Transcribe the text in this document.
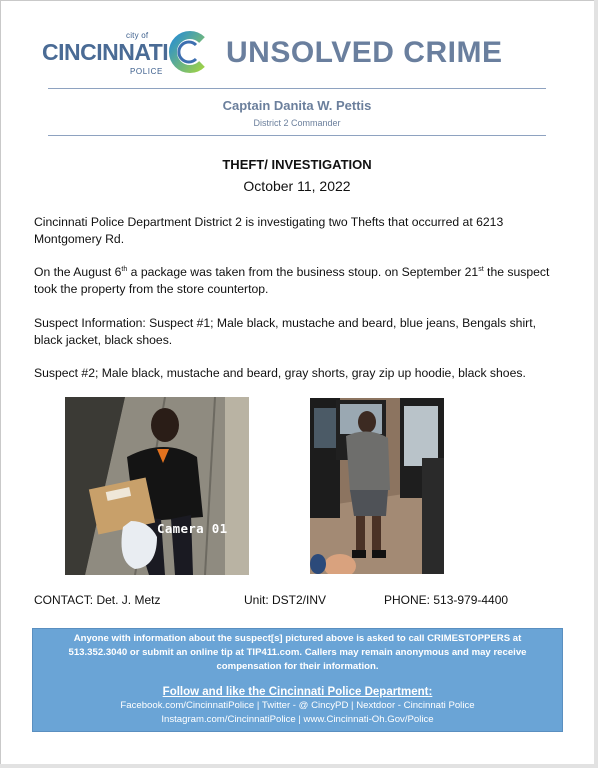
city of
CINCINNATI
POLICE
UNSOLVED CRIME
Captain Danita W. Pettis
District 2 Commander
THEFT/ INVESTIGATION
October 11, 2022
Cincinnati Police Department District 2 is investigating two Thefts that occurred at 6213 Montgomery Rd.
On the August 6th a package was taken from the business stoup. on September 21st the suspect took the property from the store countertop.
Suspect Information: Suspect #1; Male black, mustache and beard, blue jeans, Bengals shirt, black jacket, black shoes.
Suspect #2; Male black, mustache and beard, gray shorts, gray zip up hoodie, black shoes.
Camera 01
CONTACT: Det. J. Metz	Unit: DST2/INV	PHONE: 513-979-4400
Anyone with information about the suspect[s] pictured above is asked to call CRIMESTOPPERS at 513.352.3040 or submit an online tip at TIP411.com. Callers may remain anonymous and may receive compensation for their information.
Follow and like the Cincinnati Police Department:
Facebook.com/CincinnatiPolice | Twitter - @ CincyPD | Nextdoor - Cincinnati Police
Instagram.com/CincinnatiPolice | www.Cincinnati-Oh.Gov/Police
